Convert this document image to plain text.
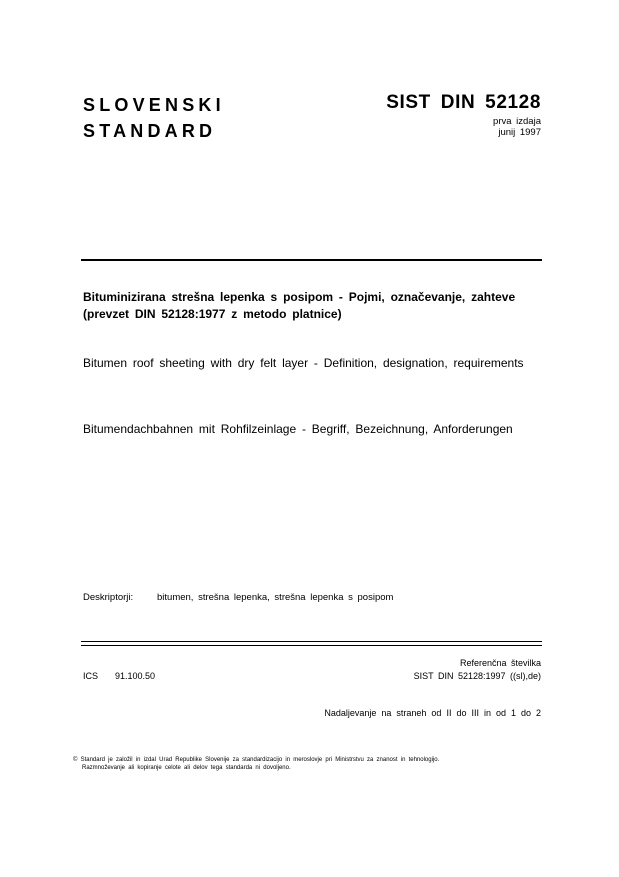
SLOVENSKI
STANDARD
SIST DIN 52128
prva izdaja
junij 1997
Bituminizirana strešna lepenka s posipom - Pojmi, označevanje, zahteve (prevzet DIN 52128:1977 z metodo platnice)
Bitumen roof sheeting with dry felt layer - Definition, designation, requirements
Bitumendachbahnen mit Rohfilzeinlage - Begriff, Bezeichnung, Anforderungen
Deskriptorji:	bitumen, strešna lepenka, strešna lepenka s posipom
ICS 91.100.50
Referenčna številka
SIST DIN 52128:1997 ((sl),de)
Nadaljevanje na straneh od II do III in od 1 do 2
© Standard je založil in izdal Urad Republike Slovenije za standardizacijo in meroslovje pri Ministrstvu za znanost in tehnologijo.
Razmnoževanje ali kopiranje celote ali delov tega standarda ni dovoljeno.
